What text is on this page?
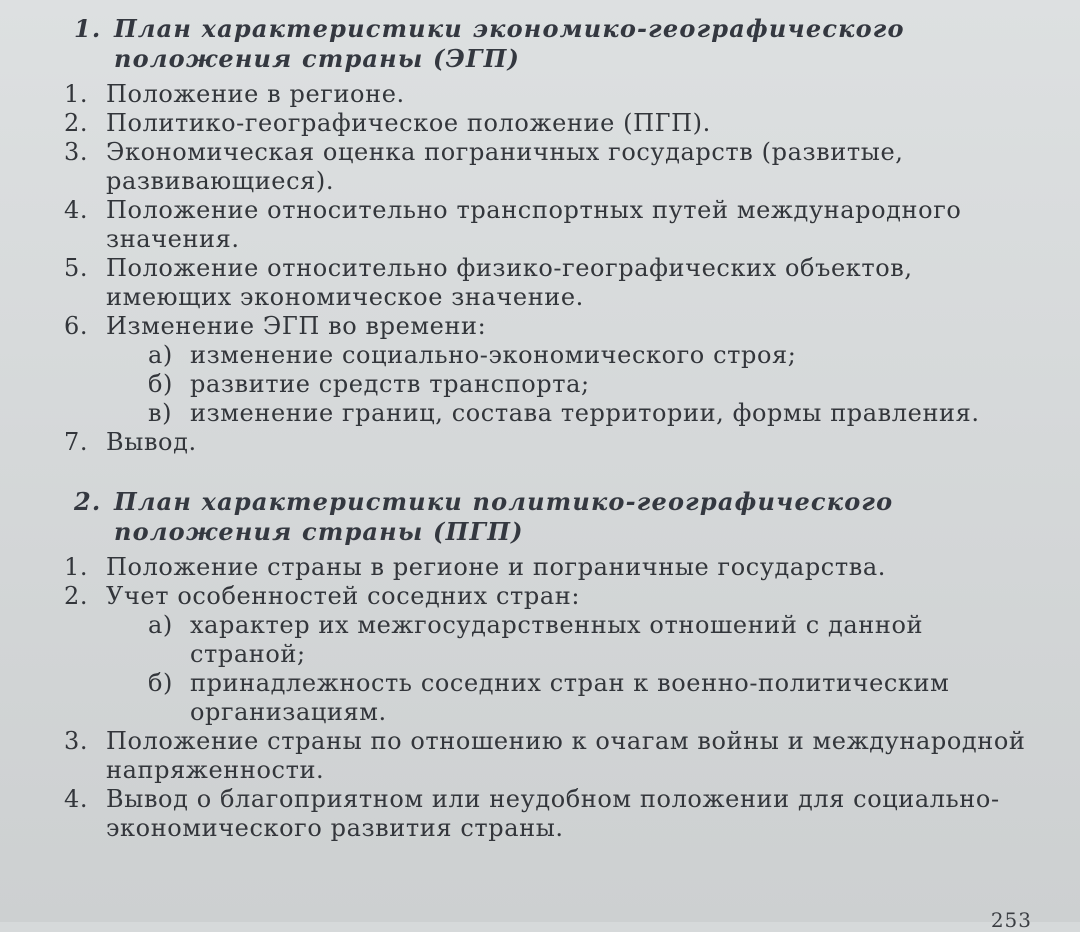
1. План характеристики экономико-географического положения страны (ЭГП)
1. Положение в регионе.
2. Политико-географическое положение (ПГП).
3. Экономическая оценка пограничных государств (развитые, развивающиеся).
4. Положение относительно транспортных путей международного значения.
5. Положение относительно физико-географических объектов, имеющих экономическое значение.
6. Изменение ЭГП во времени:
а) изменение социально-экономического строя;
б) развитие средств транспорта;
в) изменение границ, состава территории, формы правления.
7. Вывод.
2. План характеристики политико-географического положения страны (ПГП)
1. Положение страны в регионе и пограничные государства.
2. Учет особенностей соседних стран:
а) характер их межгосударственных отношений с данной страной;
б) принадлежность соседних стран к военно-политическим организациям.
3. Положение страны по отношению к очагам войны и международной напряженности.
4. Вывод о благоприятном или неудобном положении для социально-экономического развития страны.
253
